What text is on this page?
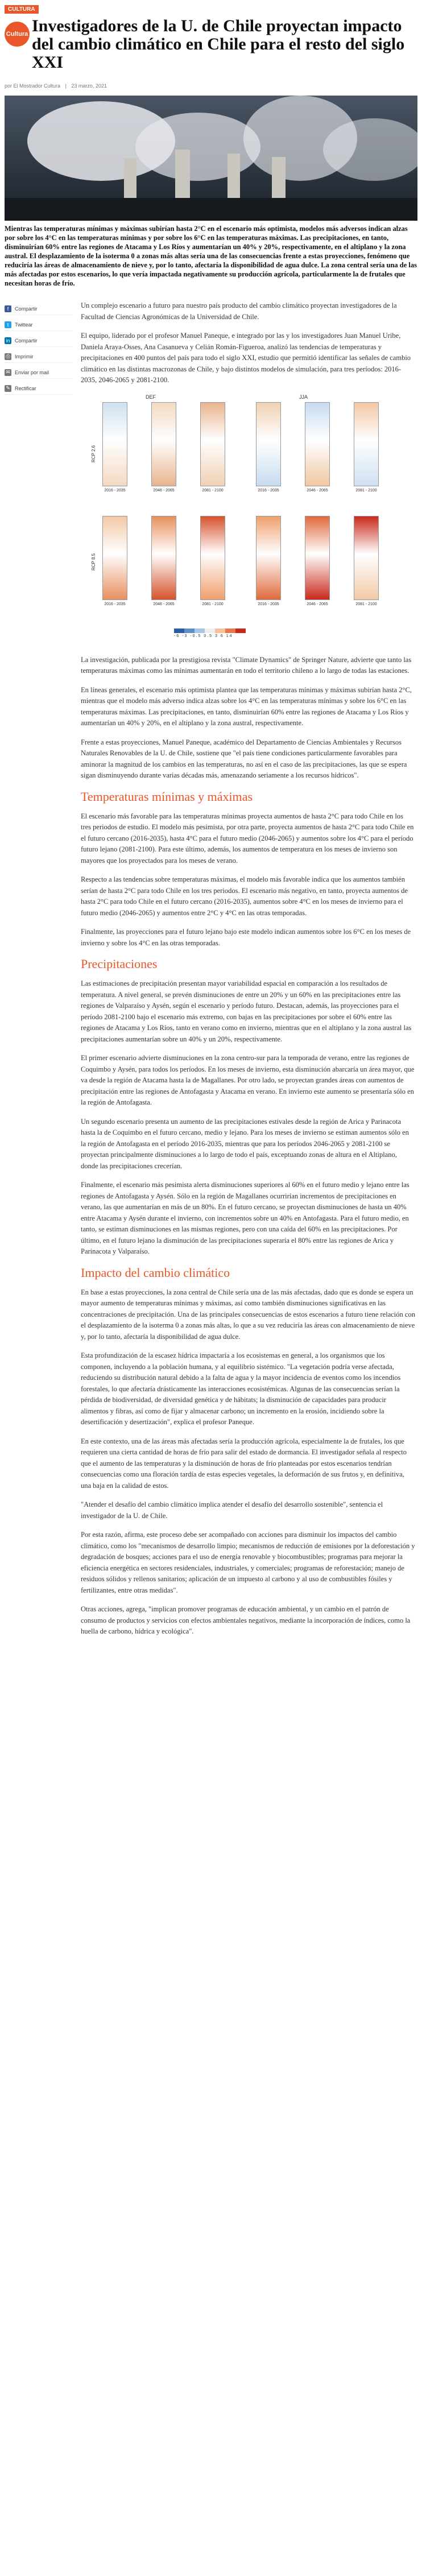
CULTURA
Cultura Investigadores de la U. de Chile proyectan impacto del cambio climático en Chile para el resto del siglo XXI
por El Mostrador Cultura | 23 marzo, 2021

Mientras las temperaturas mínimas y máximas subirían hasta 2°C en el escenario más optimista, modelos más adversos indican alzas por sobre los 4°C en las temperaturas mínimas y por sobre los 6°C en las temperaturas máximas. Las precipitaciones, en tanto, disminuirían 60% entre las regiones de Atacama y Los Ríos y aumentarían un 40% y 20%, respectivamente, en el altiplano y la zona austral. El desplazamiento de la isoterma 0 a zonas más altas sería una de las consecuencias frente a estas proyecciones, fenómeno que reduciría las áreas de almacenamiento de nieve y, por lo tanto, afectaría la disponibilidad de agua dulce. La zona central sería una de las más afectadas por estos escenarios, lo que vería impactada negativamente su producción agrícola, particularmente la de frutales que necesitan horas de frío.

f	Compartir
t	Twittear
in Compartir
⎙ Imprimir
✉ Enviar por mail
✎ Rectificar

Un complejo escenario a futuro para nuestro país producto del cambio climático proyectan investigadores de la Facultad de Ciencias Agronómicas de la Universidad de Chile.

El equipo, liderado por el profesor Manuel Paneque, e integrado por las y los investigadores Juan Manuel Uribe, Daniela Araya-Osses, Ana Casanueva y Celián Román-Figueroa, analizó las tendencias de temperaturas y precipitaciones en 400 puntos del país para todo el siglo XXI, estudio que permitió identificar las señales de cambio climático en las distintas macrozonas de Chile, y bajo distintos modelos de simulación, para tres períodos: 2016-2035, 2046-2065 y 2081-2100.

DEF	JJA
RCP 2.6
RCP 8.5
2016 - 2035	2046 - 2065	2081 - 2100	2016 - 2035	2046 - 2065	2081 - 2100
2016 - 2035	2046 - 2065	2081 - 2100	2016 - 2035	2046 - 2065	2081 - 2100
-6 -3 -0.5 0.5 3 6 14

La investigación, publicada por la prestigiosa revista "Climate Dynamics" de Springer Nature, advierte que tanto las temperaturas máximas como las mínimas aumentarán en todo el territorio chileno a lo largo de todas las estaciones.

En líneas generales, el escenario más optimista plantea que las temperaturas mínimas y máximas subirían hasta 2°C, mientras que el modelo más adverso indica alzas sobre los 4°C en las temperaturas mínimas y sobre los 6°C en las temperaturas máximas. Las precipitaciones, en tanto, disminuirían 60% entre las regiones de Atacama y Los Ríos y aumentarían un 40% y 20%, en el altiplano y la zona austral, respectivamente.

Frente a estas proyecciones, Manuel Paneque, académico del Departamento de Ciencias Ambientales y Recursos Naturales Renovables de la U. de Chile, sostiene que "el país tiene condiciones particularmente favorables para aminorar la magnitud de los cambios en las temperaturas, no así en el caso de las precipitaciones, las que se espera sigan disminuyendo durante varias décadas más, amenazando seriamente a los recursos hídricos".

Temperaturas mínimas y máximas

El escenario más favorable para las temperaturas mínimas proyecta aumentos de hasta 2°C para todo Chile en los tres periodos de estudio. El modelo más pesimista, por otra parte, proyecta aumentos de hasta 2°C para todo Chile en el futuro cercano (2016-2035), hasta 4°C para el futuro medio (2046-2065) y aumentos sobre los 4°C para el período futuro lejano (2081-2100). Para este último, además, los aumentos de temperatura en los meses de invierno son mayores que los proyectados para los meses de verano.

Respecto a las tendencias sobre temperaturas máximas, el modelo más favorable indica que los aumentos también serían de hasta 2°C para todo Chile en los tres periodos. El escenario más negativo, en tanto, proyecta aumentos de hasta 2°C para todo Chile en el futuro cercano (2016-2035), aumentos sobre 4°C en los meses de invierno para el futuro medio (2046-2065) y aumentos entre 2°C y 4°C en las otras temporadas.

Finalmente, las proyecciones para el futuro lejano bajo este modelo indican aumentos sobre los 6°C en los meses de invierno y sobre los 4°C en las otras temporadas.

Precipitaciones

Las estimaciones de precipitación presentan mayor variabilidad espacial en comparación a los resultados de temperatura. A nivel general, se prevén disminuciones de entre un 20% y un 60% en las precipitaciones entre las regiones de Valparaíso y Aysén, según el escenario y período futuro. Destacan, además, las proyecciones para el período 2081-2100 bajo el escenario más extremo, con bajas en las precipitaciones por sobre el 60% entre las regiones de Atacama y Los Ríos, tanto en verano como en invierno, mientras que en el altiplano y la zona austral las precipitaciones aumentarían sobre un 40% y un 20%, respectivamente.

El primer escenario advierte disminuciones en la zona centro-sur para la temporada de verano, entre las regiones de Coquimbo y Aysén, para todos los períodos. En los meses de invierno, esta disminución abarcaría un área mayor, que va desde la región de Atacama hasta la de Magallanes. Por otro lado, se proyectan grandes áreas con aumentos de precipitación entre las regiones de Antofagasta y Atacama en verano. En invierno este aumento se presentaría sólo en la región de Antofagasta.

Un segundo escenario presenta un aumento de las precipitaciones estivales desde la región de Arica y Parinacota hasta la de Coquimbo en el futuro cercano, medio y lejano. Para los meses de invierno se estiman aumentos sólo en la región de Antofagasta en el período 2016-2035, mientras que para los períodos 2046-2065 y 2081-2100 se proyectan principalmente disminuciones a lo largo de todo el país, exceptuando zonas de altura en el Altiplano, donde las precipitaciones crecerían.

Finalmente, el escenario más pesimista alerta disminuciones superiores al 60% en el futuro medio y lejano entre las regiones de Antofagasta y Aysén. Sólo en la región de Magallanes ocurrirían incrementos de precipitaciones en verano, las que aumentarían en más de un 80%. En el futuro cercano, se proyectan disminuciones de hasta un 40% entre Atacama y Aysén durante el invierno, con incrementos sobre un 40% en Antofagasta. Para el futuro medio, en tanto, se estiman disminuciones en las mismas regiones, pero con una caída del 60% en las precipitaciones. Por último, en el futuro lejano la disminución de las precipitaciones superaría el 80% entre las regiones de Arica y Parinacota y Valparaíso.

Impacto del cambio climático

En base a estas proyecciones, la zona central de Chile sería una de las más afectadas, dado que es donde se espera un mayor aumento de temperaturas mínimas y máximas, así como también disminuciones significativas en las concentraciones de precipitación. Una de las principales consecuencias de estos escenarios a futuro tiene relación con el desplazamiento de la isoterma 0 a zonas más altas, lo que a su vez reduciría las áreas con almacenamiento de nieve y, por lo tanto, afectaría la disponibilidad de agua dulce.

Esta profundización de la escasez hídrica impactaría a los ecosistemas en general, a los organismos que los componen, incluyendo a la población humana, y al equilibrio sistémico. "La vegetación podría verse afectada, reduciendo su distribución natural debido a la falta de agua y la mayor incidencia de eventos como los incendios forestales, lo que afectaría drásticamente las interacciones ecosistémicas. Algunas de las consecuencias serían la pérdida de biodiversidad, de diversidad genética y de hábitats; la disminución de capacidades para producir alimentos y fibras, así como de fijar y almacenar carbono; un incremento en la erosión, incidiendo sobre la desertificación y desertización", explica el profesor Paneque.

En este contexto, una de las áreas más afectadas sería la producción agrícola, especialmente la de frutales, los que requieren una cierta cantidad de horas de frío para salir del estado de dormancia. El investigador señala al respecto que el aumento de las temperaturas y la disminución de horas de frío planteadas por estos escenarios tendrían consecuencias como una floración tardía de estas especies vegetales, la deformación de sus frutos y, en definitiva, una baja en la calidad de estos.

"Atender el desafío del cambio climático implica atender el desafío del desarrollo sostenible", sentencia el investigador de la U. de Chile.

Por esta razón, afirma, este proceso debe ser acompañado con acciones para disminuir los impactos del cambio climático, como los "mecanismos de desarrollo limpio; mecanismos de reducción de emisiones por la deforestación y degradación de bosques; acciones para el uso de energía renovable y biocombustibles; programas para mejorar la eficiencia energética en sectores residenciales, industriales, y comerciales; programas de reforestación; manejo de residuos sólidos y rellenos sanitarios; aplicación de un impuesto al carbono y al uso de combustibles fósiles y fertilizantes, entre otras medidas".

Otras acciones, agrega, "implican promover programas de educación ambiental, y un cambio en el patrón de consumo de productos y servicios con efectos ambientales negativos, mediante la incorporación de índices, como la huella de carbono, hídrica y ecológica".
